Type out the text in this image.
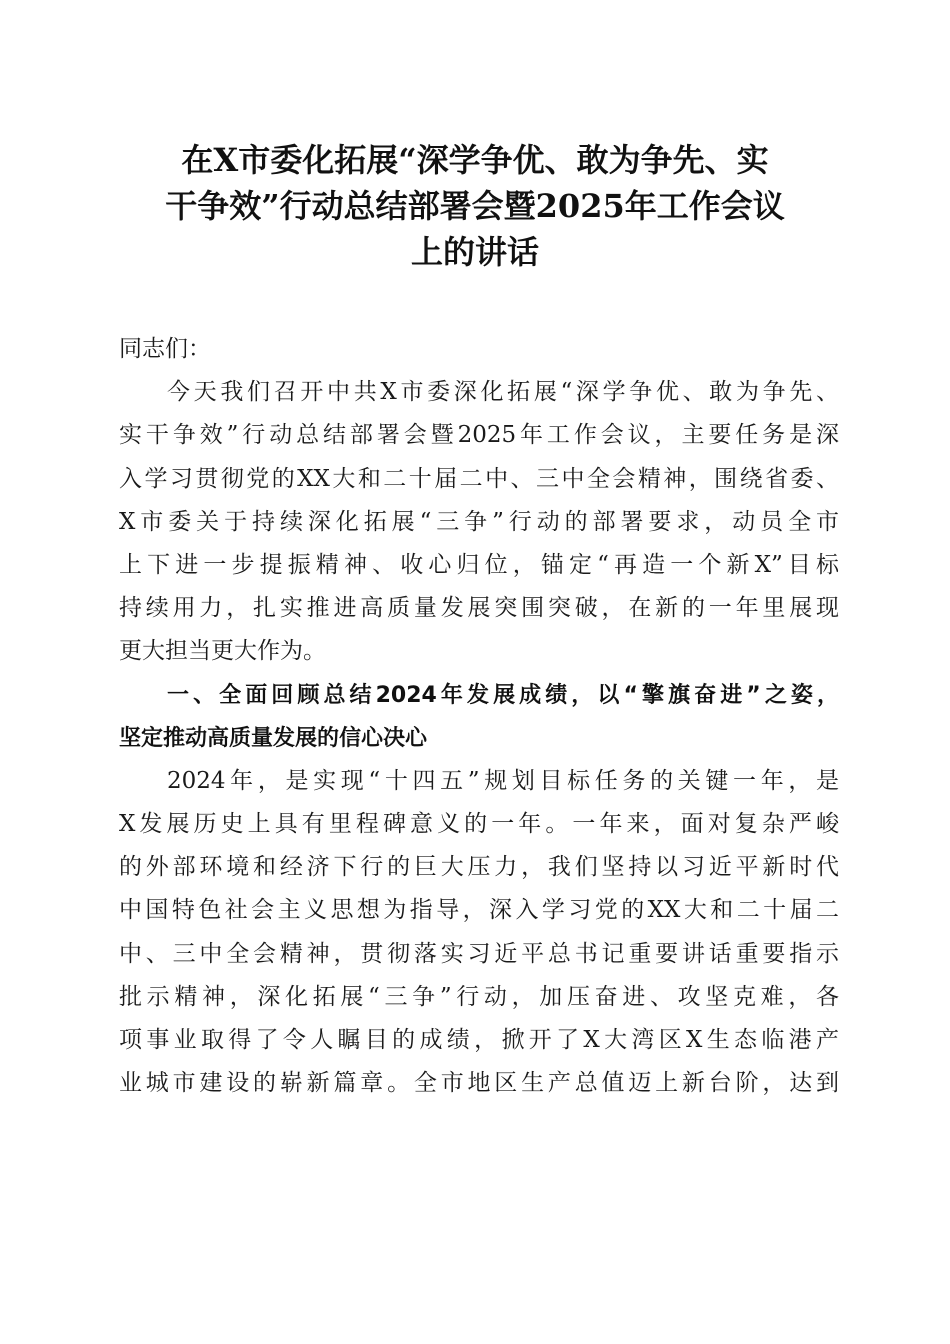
在X市委化拓展“深学争优、敢为争先、实
干争效”行动总结部署会暨2025年工作会议
上的讲话
同志们：
今天我们召开中共X市委深化拓展“深学争优、敢为争先、
实干争效”行动总结部署会暨2025年工作会议，主要任务是深
入学习贯彻党的XX大和二十届二中、三中全会精神，围绕省委、
X市委关于持续深化拓展“三争”行动的部署要求，动员全市
上下进一步提振精神、收心归位，锚定“再造一个新X”目标
持续用力，扎实推进高质量发展突围突破，在新的一年里展现
更大担当更大作为。
一、全面回顾总结2024年发展成绩，以“擎旗奋进”之姿，
坚定推动高质量发展的信心决心
2024年，是实现“十四五”规划目标任务的关键一年，是
X发展历史上具有里程碑意义的一年。一年来，面对复杂严峻
的外部环境和经济下行的巨大压力，我们坚持以习近平新时代
中国特色社会主义思想为指导，深入学习党的XX大和二十届二
中、三中全会精神，贯彻落实习近平总书记重要讲话重要指示
批示精神，深化拓展“三争”行动，加压奋进、攻坚克难，各
项事业取得了令人瞩目的成绩，掀开了X大湾区X生态临港产
业城市建设的崭新篇章。全市地区生产总值迈上新台阶，达到
